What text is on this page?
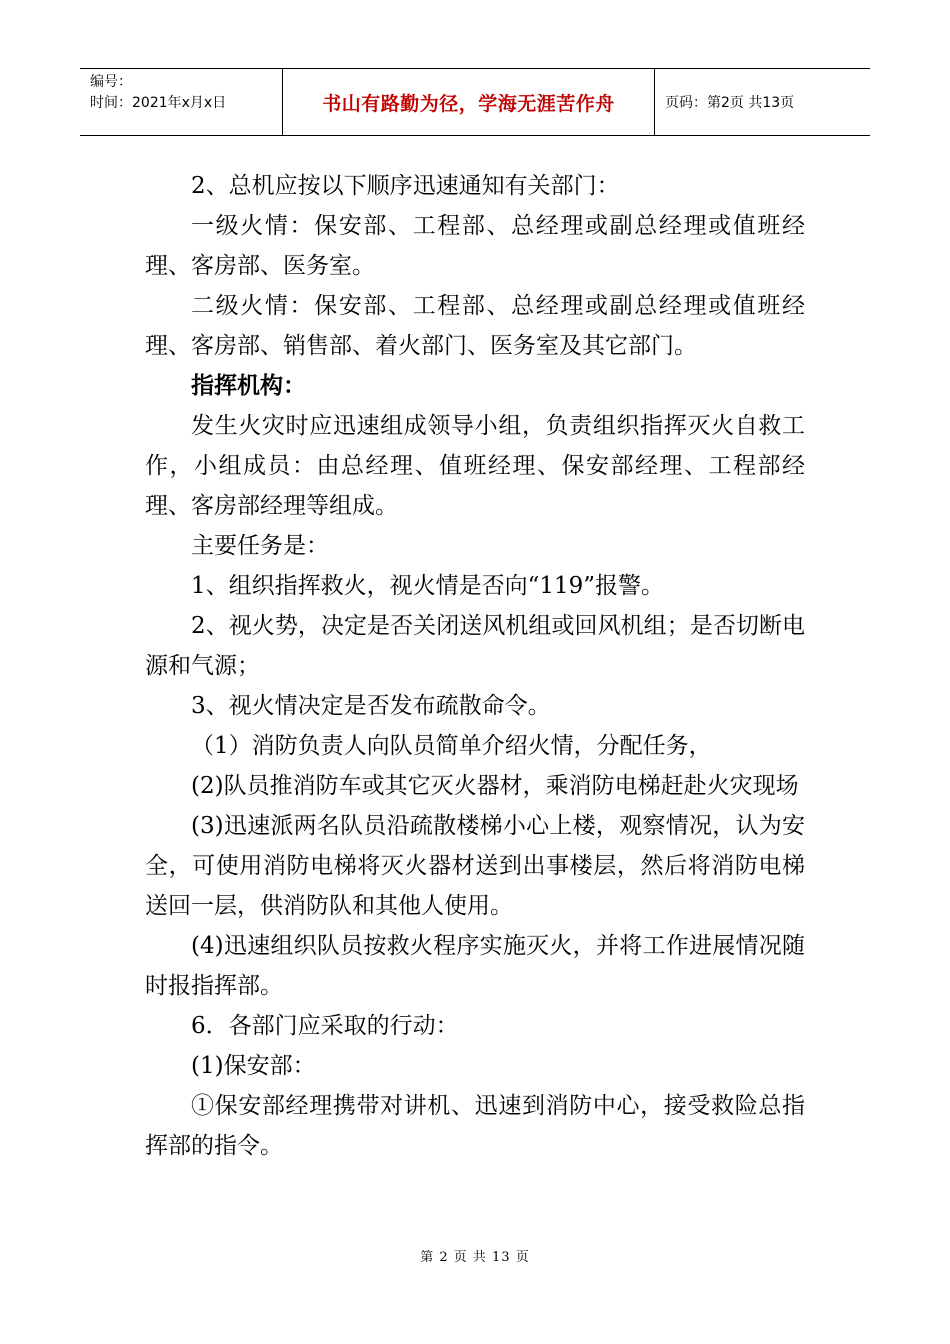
编号：
时间：2021年x月x日	书山有路勤为径，学海无涯苦作舟	页码：第2页 共13页

2、总机应按以下顺序迅速通知有关部门：

一级火情：保安部、工程部、总经理或副总经理或值班经理、客房部、医务室。

二级火情：保安部、工程部、总经理或副总经理或值班经理、客房部、销售部、着火部门、医务室及其它部门。

指挥机构：

发生火灾时应迅速组成领导小组，负责组织指挥灭火自救工作，小组成员：由总经理、值班经理、保安部经理、工程部经理、客房部经理等组成。

主要任务是：

1、组织指挥救火，视火情是否向“119”报警。

2、视火势，决定是否关闭送风机组或回风机组；是否切断电源和气源；

3、视火情决定是否发布疏散命令。

（1）消防负责人向队员简单介绍火情，分配任务，

(2)队员推消防车或其它灭火器材，乘消防电梯赶赴火灾现场

(3)迅速派两名队员沿疏散楼梯小心上楼，观察情况，认为安全，可使用消防电梯将灭火器材送到出事楼层，然后将消防电梯送回一层，供消防队和其他人使用。

(4)迅速组织队员按救火程序实施灭火，并将工作进展情况随时报指挥部。

6．各部门应采取的行动：

(1)保安部：

①保安部经理携带对讲机、迅速到消防中心，接受救险总指挥部的指令。

第 2 页 共 13 页
